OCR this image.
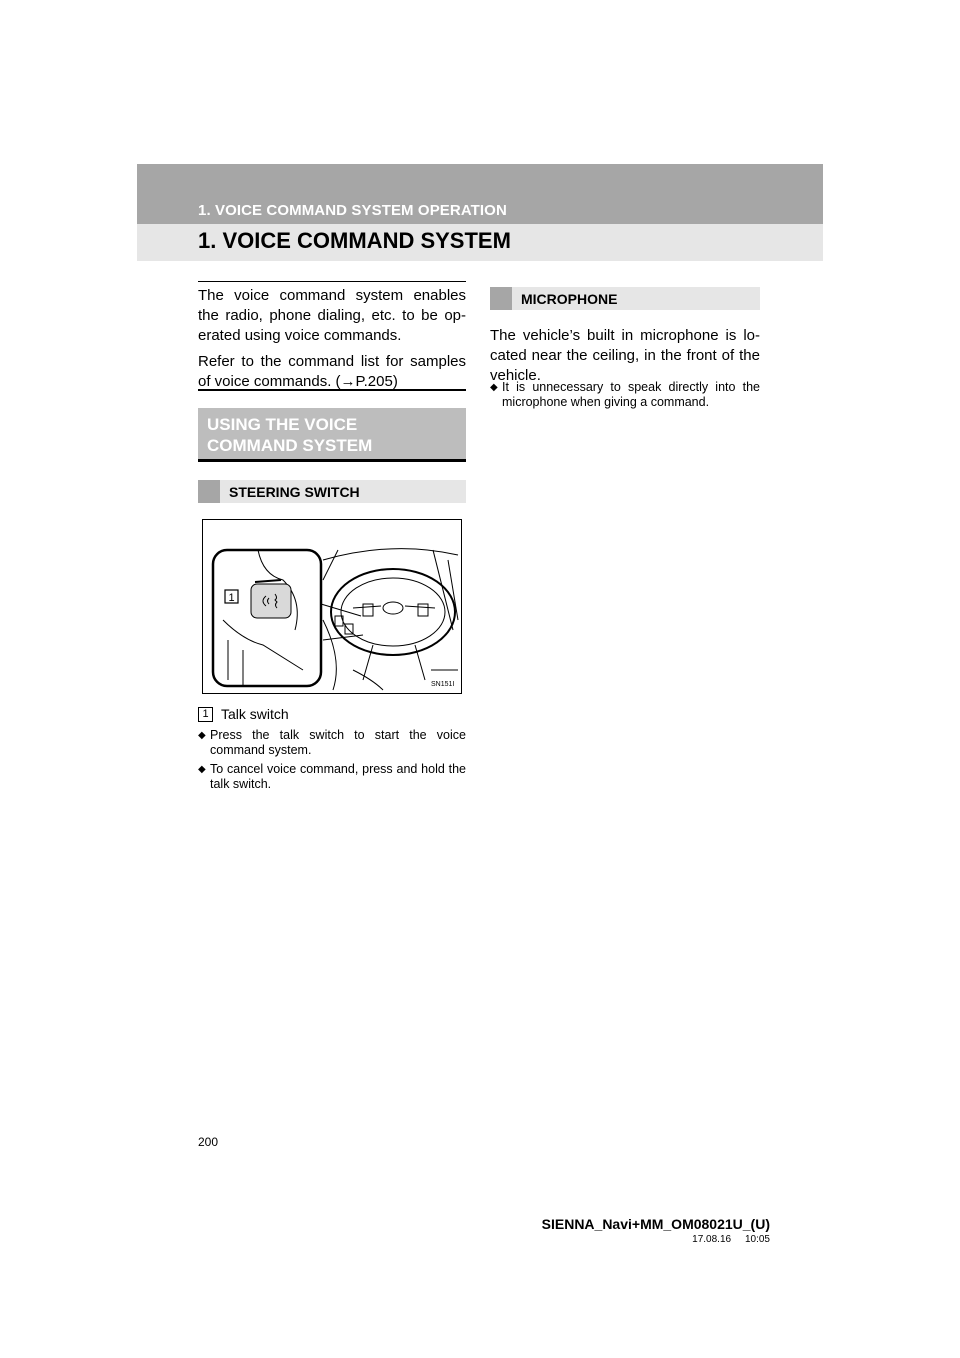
1. VOICE COMMAND SYSTEM OPERATION
1. VOICE COMMAND SYSTEM

The voice command system enables the radio, phone dialing, etc. to be op-erated using voice commands.

Refer to the command list for samples of voice commands. (→P.205)

USING THE VOICE
COMMAND SYSTEM
STEERING SWITCH
1
SN151I
1 Talk switch
◆ Press the talk switch to start the voice command system.
◆ To cancel voice command, press and hold the talk switch.
MICROPHONE
The vehicle’s built in microphone is lo-cated near the ceiling, in the front of the vehicle.
◆ It is unnecessary to speak directly into the microphone when giving a command.
200
SIENNA_Navi+MM_OM08021U_(U)
17.08.16     10:05
